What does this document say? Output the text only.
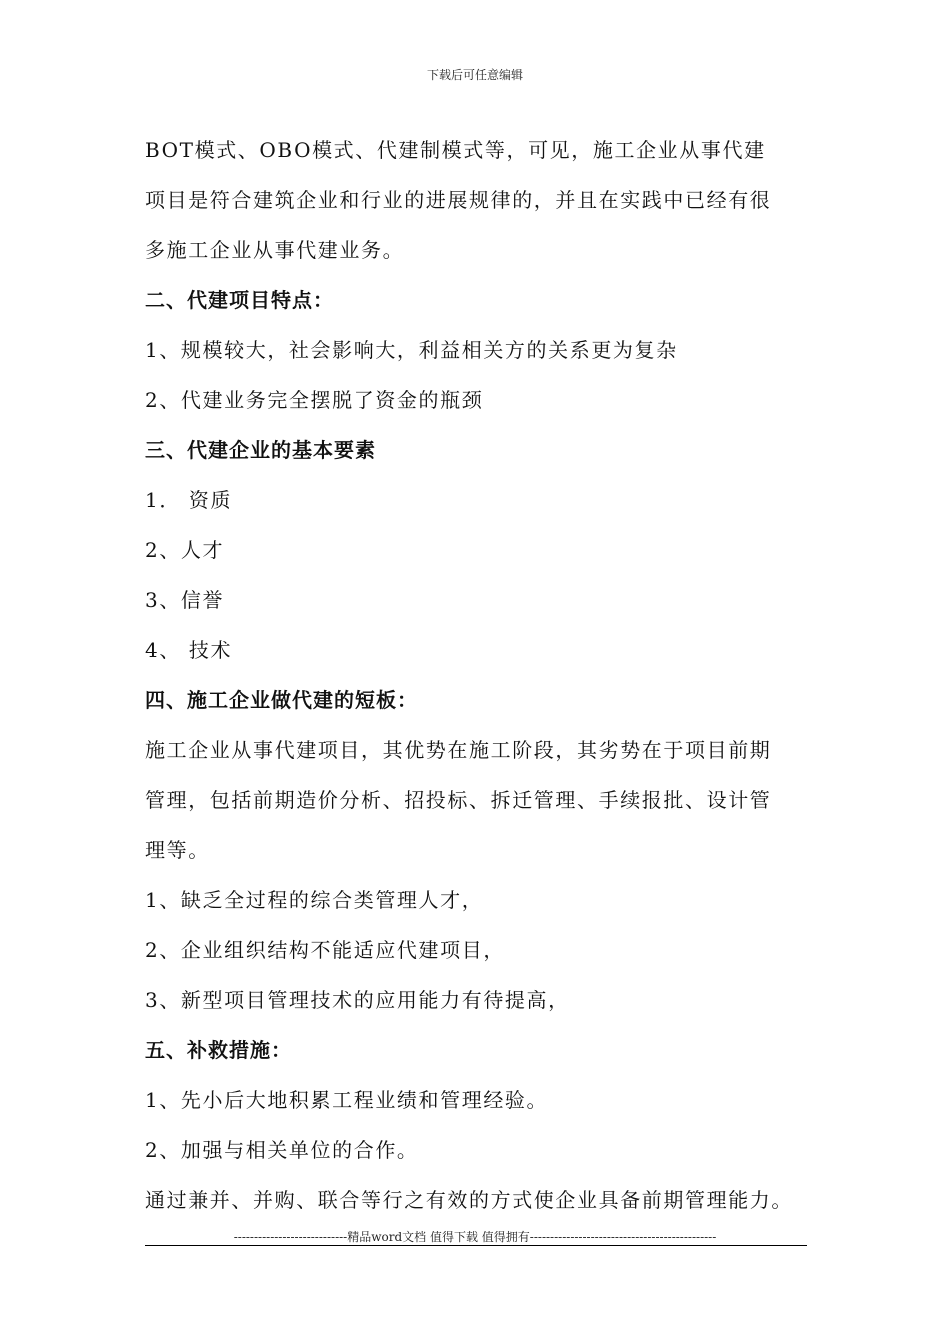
下载后可任意编辑
BOT模式、OBO模式、代建制模式等，可见，施工企业从事代建
项目是符合建筑企业和行业的进展规律的，并且在实践中已经有很
多施工企业从事代建业务。
二、代建项目特点：
1、规模较大，社会影响大，利益相关方的关系更为复杂
2、代建业务完全摆脱了资金的瓶颈
三、代建企业的基本要素
1． 资质
2、人才
3、信誉
4、 技术
四、施工企业做代建的短板：
施工企业从事代建项目，其优势在施工阶段，其劣势在于项目前期
管理，包括前期造价分析、招投标、拆迁管理、手续报批、设计管
理等。
1、缺乏全过程的综合类管理人才，
2、企业组织结构不能适应代建项目，
3、新型项目管理技术的应用能力有待提高，
五、补救措施：
1、先小后大地积累工程业绩和管理经验。
2、加强与相关单位的合作。
通过兼并、并购、联合等行之有效的方式使企业具备前期管理能力。
----------------------------精品word文档 值得下载 值得拥有----------------------------------------------
